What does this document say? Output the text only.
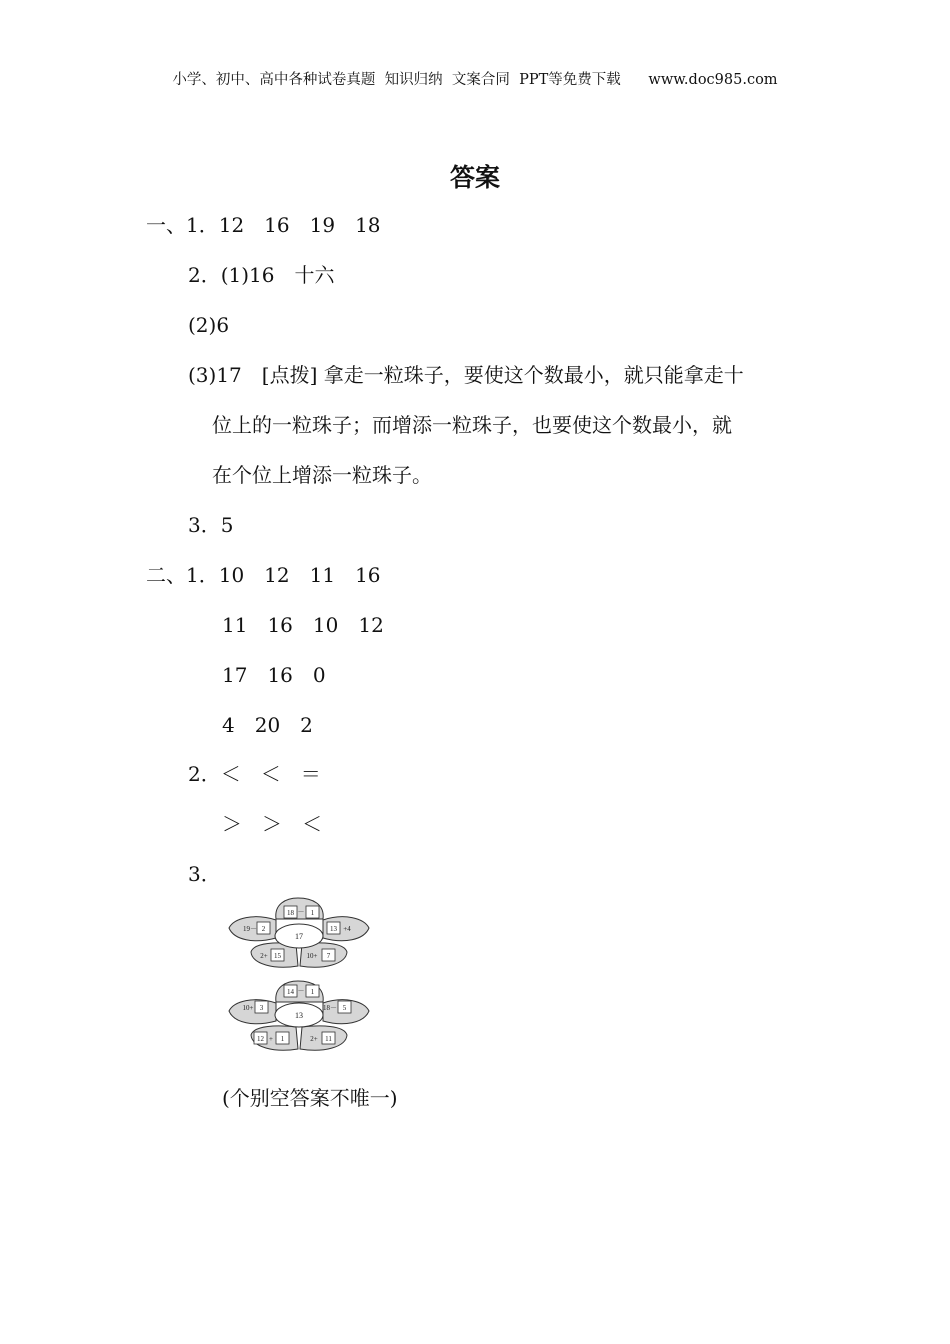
小学、初中、高中各种试卷真题  知识归纳  文案合同  PPT等免费下载      www.doc985.com
答案
一、1．12　16　19　18
2．(1)16　十六
(2)6
(3)17　[点拨] 拿走一粒珠子，要使这个数最小，就只能拿走十
位上的一粒珠子；而增添一粒珠子，也要使这个数最小，就
在个位上增添一粒珠子。
3．5
二、1．10　12　11　16
11　16　10　12
17　16　0
4　20　2
2．＜　＜　＝
＞　＞　＜
3．
17
18 － 1
19－ 2	13 +4
2+ 15	10+ 7
13
14 － 1
10+ 3	18－ 5
12 + 1	2+ 11
(个别空答案不唯一)
